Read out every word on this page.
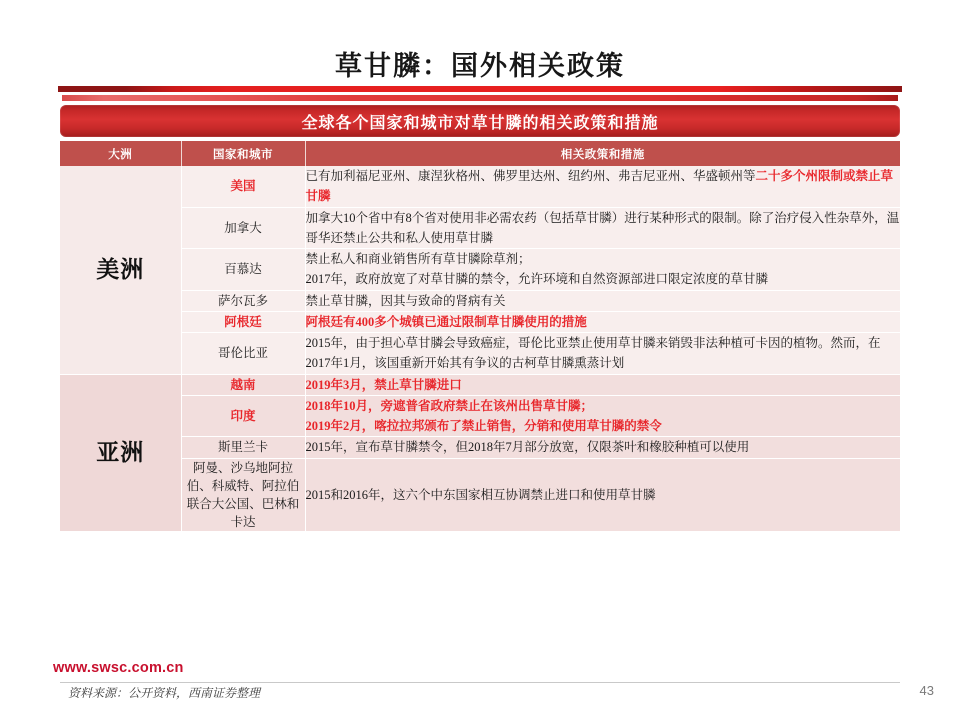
草甘膦：国外相关政策
全球各个国家和城市对草甘膦的相关政策和措施
大洲	国家和城市	相关政策和措施
美洲	美国	已有加利福尼亚州、康涅狄格州、佛罗里达州、纽约州、弗吉尼亚州、华盛顿州等二十多个州限制或禁止草甘膦
	加拿大	加拿大10个省中有8个省对使用非必需农药（包括草甘膦）进行某种形式的限制。除了治疗侵入性杂草外，温哥华还禁止公共和私人使用草甘膦
	百慕达	禁止私人和商业销售所有草甘膦除草剂；
2017年，政府放宽了对草甘膦的禁令，允许环境和自然资源部进口限定浓度的草甘膦
	萨尔瓦多	禁止草甘膦，因其与致命的肾病有关
	阿根廷	阿根廷有400多个城镇已通过限制草甘膦使用的措施
	哥伦比亚	2015年，由于担心草甘膦会导致癌症，哥伦比亚禁止使用草甘膦来销毁非法种植可卡因的植物。然而，在2017年1月，该国重新开始其有争议的古柯草甘膦熏蒸计划
亚洲	越南	2019年3月，禁止草甘膦进口
	印度	2018年10月，旁遮普省政府禁止在该州出售草甘膦；
2019年2月，喀拉拉邦颁布了禁止销售，分销和使用草甘膦的禁令
	斯里兰卡	2015年，宣布草甘膦禁令，但2018年7月部分放宽，仅限茶叶和橡胶种植可以使用
	阿曼、沙乌地阿拉伯、科威特、阿拉伯联合大公国、巴林和卡达	2015和2016年，这六个中东国家相互协调禁止进口和使用草甘膦
www.swsc.com.cn
资料来源：公开资料，西南证券整理	43
